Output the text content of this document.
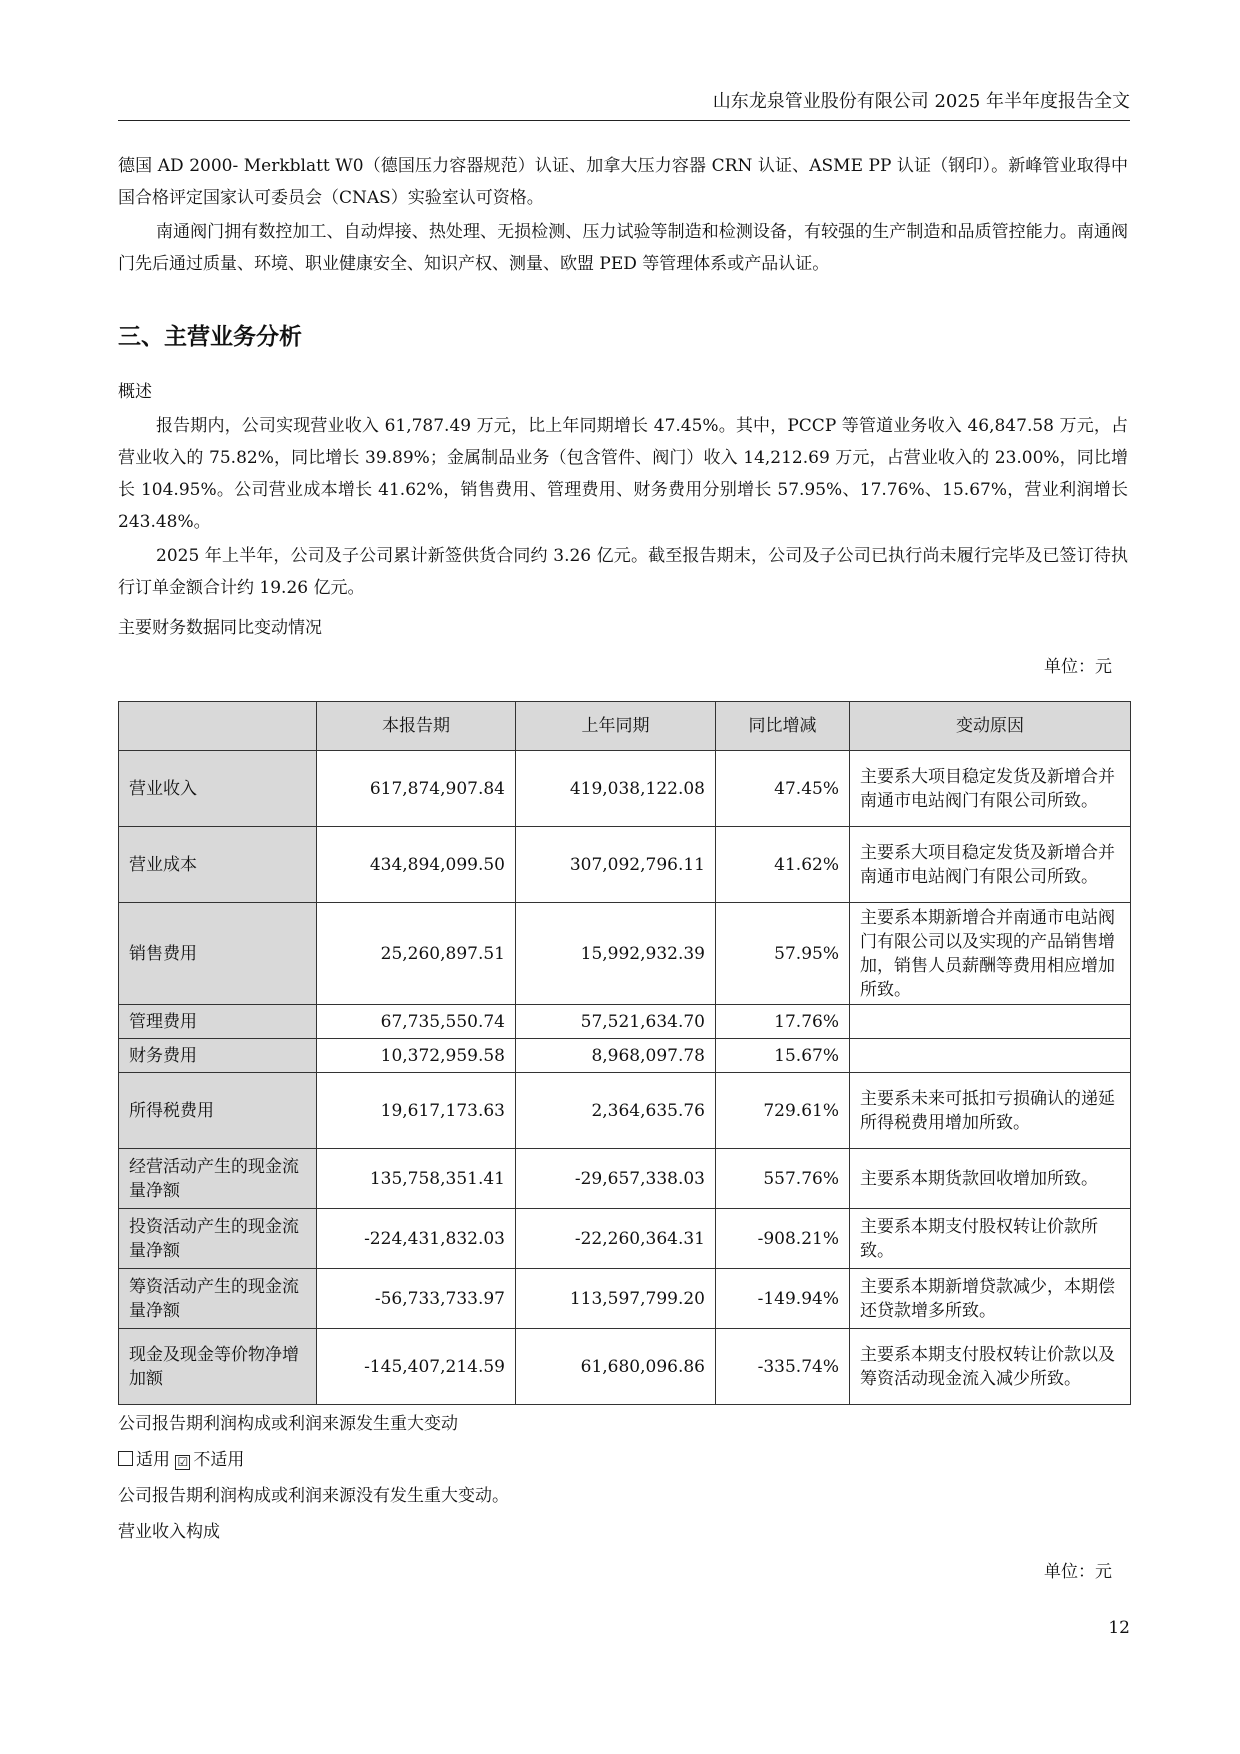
山东龙泉管业股份有限公司 2025 年半年度报告全文

德国 AD 2000- Merkblatt W0（德国压力容器规范）认证、加拿大压力容器 CRN 认证、ASME PP 认证（钢印）。新峰管业取得中国合格评定国家认可委员会（CNAS）实验室认可资格。

南通阀门拥有数控加工、自动焊接、热处理、无损检测、压力试验等制造和检测设备，有较强的生产制造和品质管控能力。南通阀门先后通过质量、环境、职业健康安全、知识产权、测量、欧盟 PED 等管理体系或产品认证。

三、主营业务分析

概述

报告期内，公司实现营业收入 61,787.49 万元，比上年同期增长 47.45%。其中，PCCP 等管道业务收入 46,847.58 万元，占营业收入的 75.82%，同比增长 39.89%；金属制品业务（包含管件、阀门）收入 14,212.69 万元，占营业收入的 23.00%，同比增长 104.95%。公司营业成本增长 41.62%，销售费用、管理费用、财务费用分别增长 57.95%、17.76%、15.67%，营业利润增长 243.48%。

2025 年上半年，公司及子公司累计新签供货合同约 3.26 亿元。截至报告期末，公司及子公司已执行尚未履行完毕及已签订待执行订单金额合计约 19.26 亿元。

主要财务数据同比变动情况

单位：元
	本报告期	上年同期	同比增减	变动原因
营业收入	617,874,907.84	419,038,122.08	47.45%	主要系大项目稳定发货及新增合并南通市电站阀门有限公司所致。
营业成本	434,894,099.50	307,092,796.11	41.62%	主要系大项目稳定发货及新增合并南通市电站阀门有限公司所致。
销售费用	25,260,897.51	15,992,932.39	57.95%	主要系本期新增合并南通市电站阀门有限公司以及实现的产品销售增加，销售人员薪酬等费用相应增加所致。
管理费用	67,735,550.74	57,521,634.70	17.76%	
财务费用	10,372,959.58	8,968,097.78	15.67%	
所得税费用	19,617,173.63	2,364,635.76	729.61%	主要系未来可抵扣亏损确认的递延所得税费用增加所致。
经营活动产生的现金流量净额	135,758,351.41	-29,657,338.03	557.76%	主要系本期货款回收增加所致。
投资活动产生的现金流量净额	-224,431,832.03	-22,260,364.31	-908.21%	主要系本期支付股权转让价款所致。
筹资活动产生的现金流量净额	-56,733,733.97	113,597,799.20	-149.94%	主要系本期新增贷款减少，本期偿还贷款增多所致。
现金及现金等价物净增加额	-145,407,214.59	61,680,096.86	-335.74%	主要系本期支付股权转让价款以及筹资活动现金流入减少所致。

公司报告期利润构成或利润来源发生重大变动

适用 ☑ 不适用

公司报告期利润构成或利润来源没有发生重大变动。

营业收入构成

单位：元
12
